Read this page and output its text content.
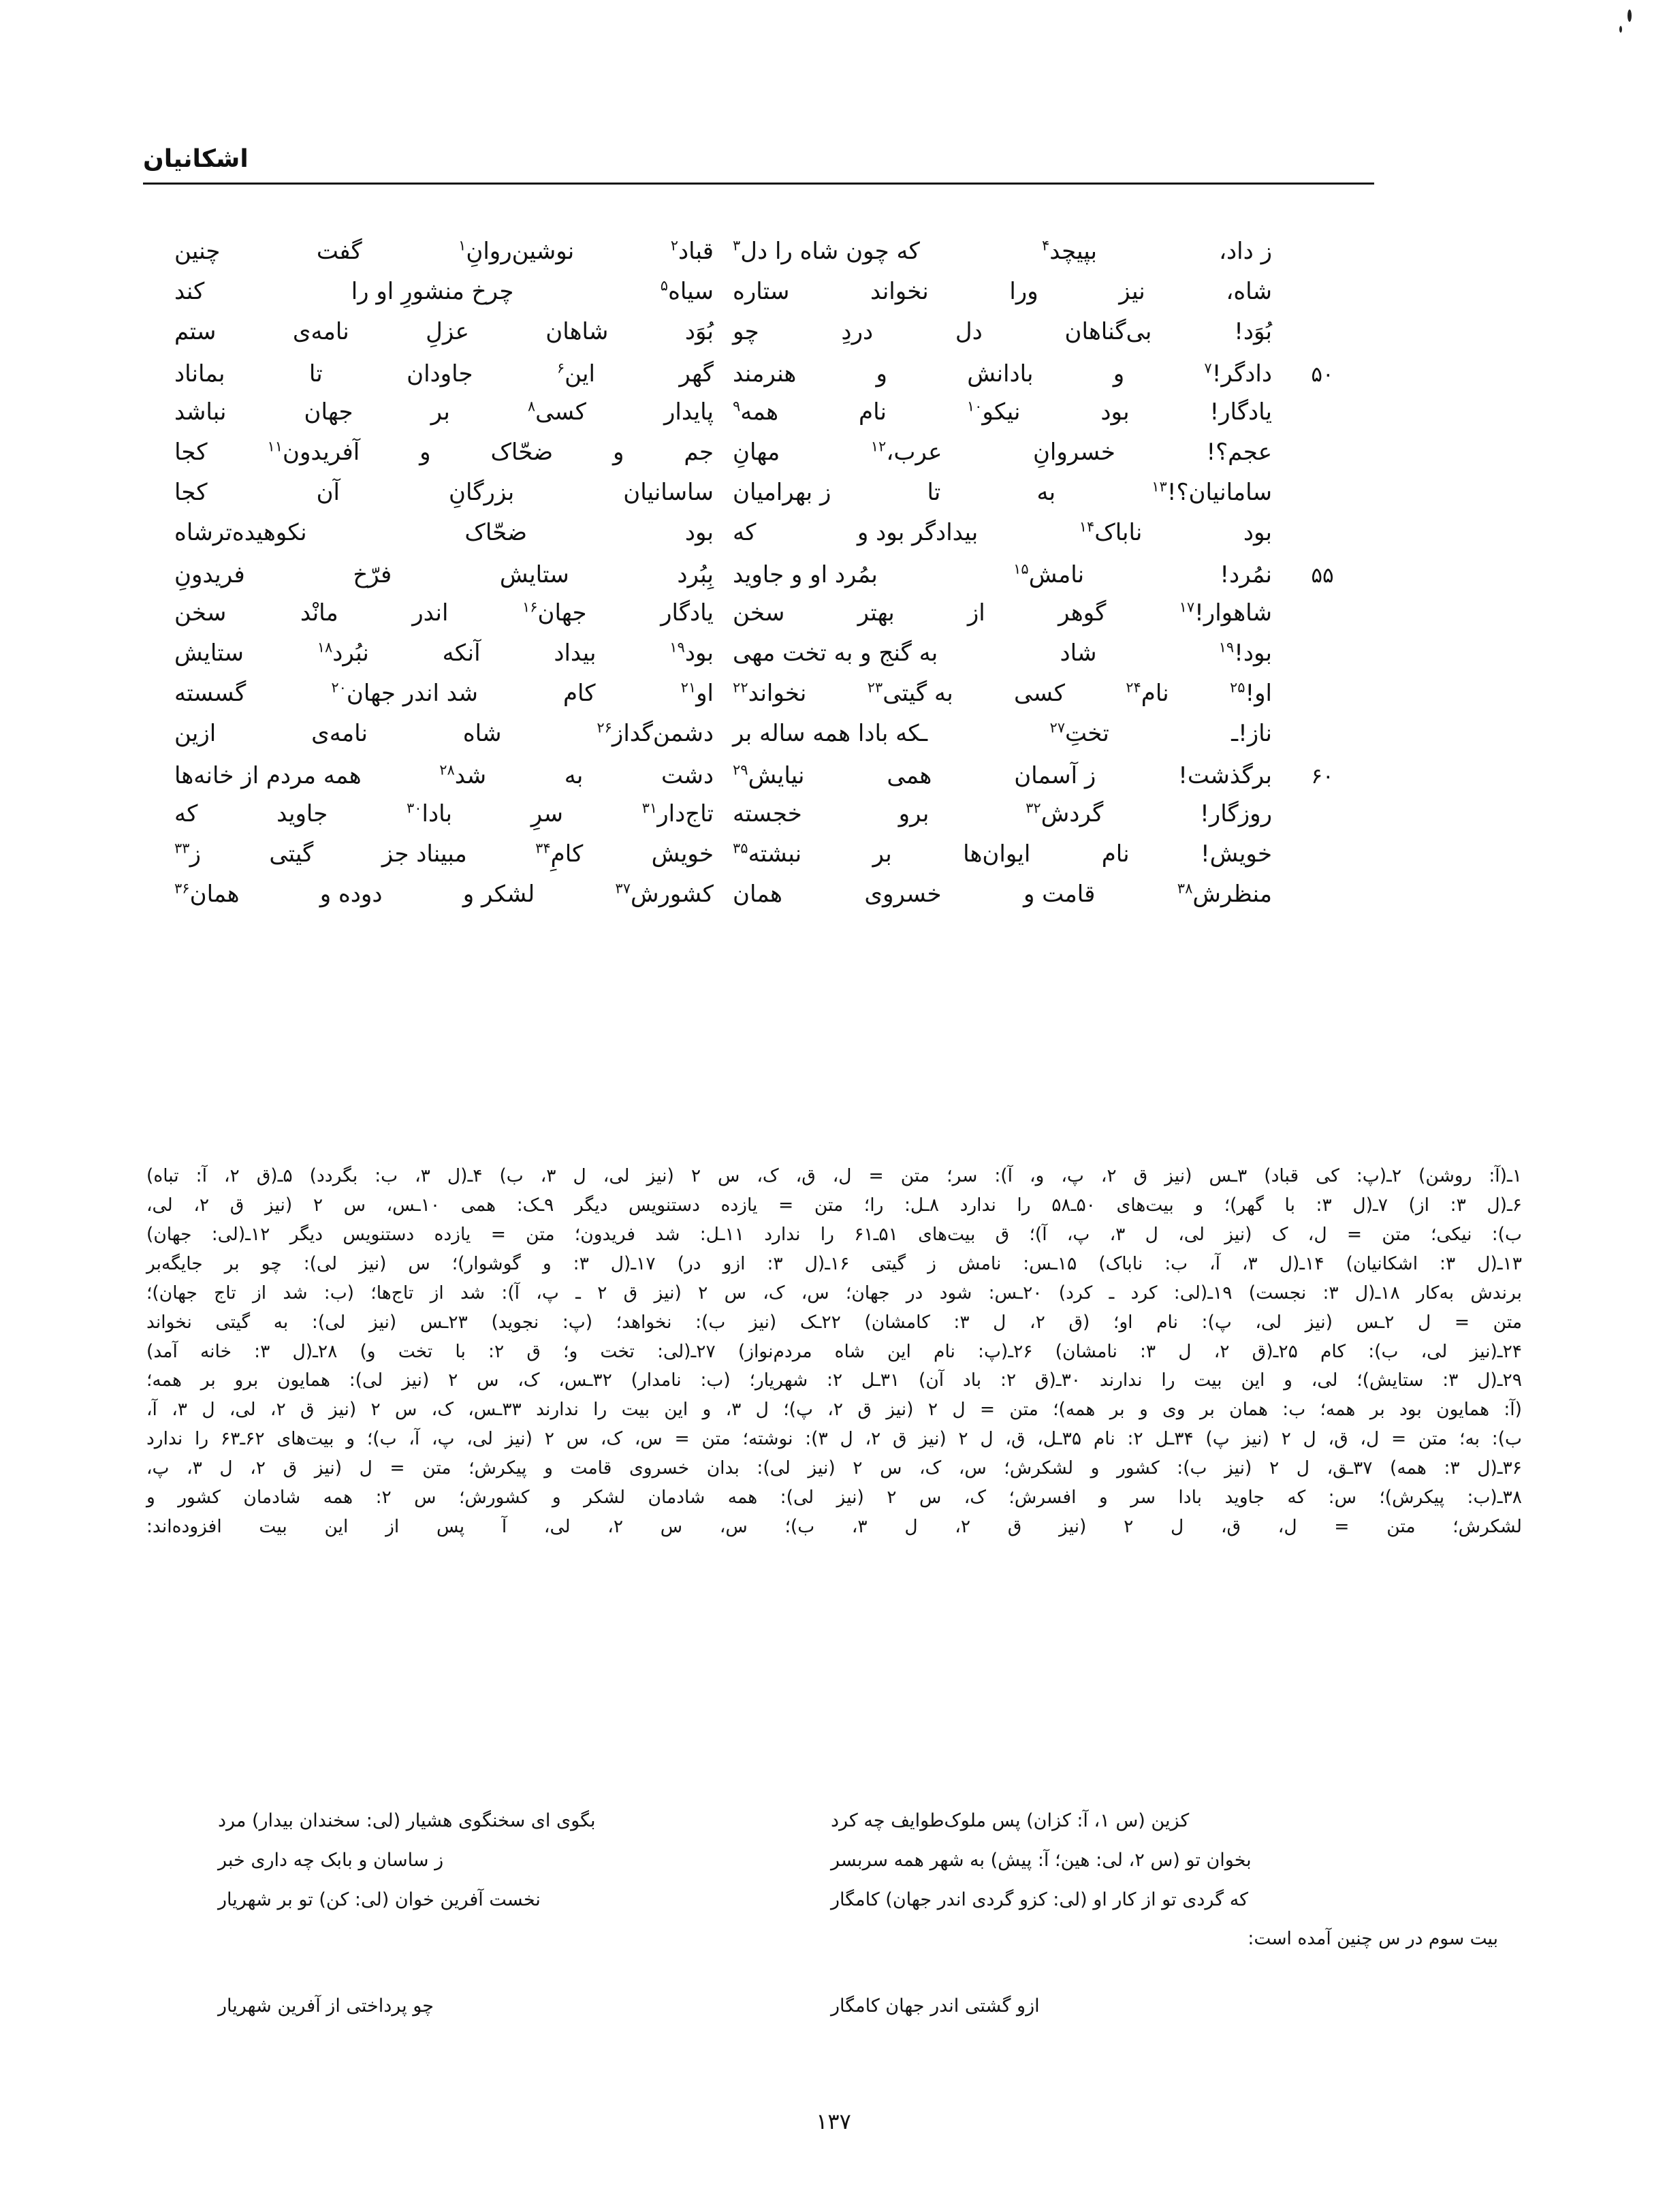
اشكانيان
چنین	گفت	نوشین‌روانِ$^۱$	قباد$^۲$	که چون شاه را دل$^۳$	بپیچد$^۴$	ز داد،
کند	چرخ منشورِ او را	سیاه$^۵$	ستاره	نخواند	ورا	نیز	شاه،
ستم	نامه‌ی	عزلِ	شاهان	بُوَد چو	دردِ	دل	بی‌گناهان	بُوَد!
بماناد	تا	جاودان	این$^۶$	گهر هنرمند	و	بادانش	و	دادگر!$^۷$	۵۰
نباشد	جهان	بر	کسی$^۸$	پایدار	همه$^۹$	نام	نیکو$^{۱۰}$	بود	یادگار!
کجا	آفریدون$^{۱۱}$	و	ضحّاک	و	جم مهانِ	عرب،$^{۱۲}$	خسروانِ	عجم؟!
کجا	آن	بزرگانِ	ساسانیان ز بهرامیان	تا	به	سامانیان؟!$^{۱۳}$
نکوهیده‌ترشاه	ضحّاک	بود که	بیدادگر بود و	ناباک$^{۱۴}$	بود
فریدونِ	فرّخ	ستایش	بِبُرد بمُرد او و جاوید	نامش$^{۱۵}$	نمُرد!	۵۵
سخن	مانْد	اندر	جهان$^{۱۶}$	یادگار سخن	بهتر	از	گوهر	شاهوار!$^{۱۷}$
ستایش	نبُرد$^{۱۸}$	آنکه	بیداد	بود$^{۱۹}$	به گنج و به تخت مهی	شاد	بود!$^{۱۹}$
گسسته	شد اندر جهان$^{۲۰}$	کام	او$^{۲۱}$	نخواند$^{۲۲}$	به گیتی$^{۲۳}$	کسی	نام$^{۲۴}$	او!$^{۲۵}$
ازین	نامه‌ی	شاه	دشمن‌گداز$^{۲۶}$	ـکه بادا همه ساله بر	تختِ$^{۲۷}$	ناز!ـ
همه مردم از خانه‌ها	شد$^{۲۸}$	به	دشت	نیایش$^{۲۹}$	همی	ز آسمان	برگذشت!	۶۰
که	جاوید	بادا$^{۳۰}$	سرِ	تاج‌دار$^{۳۱}$	خجسته	برو	گردش$^{۳۲}$	روزگار!
ز$^{۳۳}$	گیتی	مبیناد جز	کامِ$^{۳۴}$	خویش	نبشته$^{۳۵}$	بر	ایوان‌ها	نام	خویش!
همان$^{۳۶}$	دوده و	لشکر و	کشورش$^{۳۷}$	همان	خسروی	قامت و	منظرش$^{۳۸}$
۱ـ(آ: روشن) ۲ـ(پ: کی قباد) ۳ـس (نیز ق ۲، پ، و، آ): سر؛ متن = ل، ق، ک، س ۲ (نیز لی، ل ۳، ب) ۴ـ(ل ۳، ب: بگردد) ۵ـ(ق ۲، آ: تباه)
۶ـ(ل ۳: از) ۷ـ(ل ۳: با گهر)؛ و بیت‌های ۵۰ـ۵۸ را ندارد ۸ـل: را؛ متن = یازده دستنویس دیگر ۹ـک: همی ۱۰ـس، س ۲ (نیز ق ۲، لی،
ب): نیکی؛ متن = ل، ک (نیز لی، ل ۳، پ، آ)؛ ق بیت‌های ۵۱ـ۶۱ را ندارد ۱۱ـل: شد فریدون؛ متن = یازده دستنویس دیگر ۱۲ـ(لی: جهان)
۱۳ـ(ل ۳: اشکانیان) ۱۴ـ(ل ۳، آ، ب: ناباک) ۱۵ـس: نامش ز گیتی ۱۶ـ(ل ۳: ازو در) ۱۷ـ(ل ۳: و گوشوار)؛ س (نیز لی): چو بر جایگه‌بر
برندش به‌کار ۱۸ـ(ل ۳: نجست) ۱۹ـ(لی: کرد ـ کرد) ۲۰ـس: شود در جهان؛ س، ک، س ۲ (نیز ق ۲ ـ پ، آ): شد از تاج‌ها؛ (ب: شد از تاج جهان)؛
متن = ل ۲ـس (نیز لی، پ): نام او؛ (ق ۲، ل ۳: کامشان) ۲۲ـک (نیز ب): نخواهد؛ (پ: نجوید) ۲۳ـس (نیز لی): به گیتی نخواند
۲۴ـ(نیز لی، ب): کام ۲۵ـ(ق ۲، ل ۳: نامشان) ۲۶ـ(پ: نام این شاه مردم‌نواز) ۲۷ـ(لی: تخت و؛ ق ۲: با تخت و) ۲۸ـ(ل ۳: خانه آمد)
۲۹ـ(ل ۳: ستایش)؛ لی، و این بیت را ندارند ۳۰ـ(ق ۲: باد آن) ۳۱ـل ۲: شهریار؛ (ب: نامدار) ۳۲ـس، ک، س ۲ (نیز لی): همایون برو بر همه؛
(آ: همایون بود بر همه؛ ب: همان بر وی و بر همه)؛ متن = ل ۲ (نیز ق ۲، پ)؛ ل ۳، و این بیت را ندارند ۳۳ـس، ک، س ۲ (نیز ق ۲، لی، ل ۳، آ،
ب): به؛ متن = ل، ق، ل ۲ (نیز پ) ۳۴ـل ۲: نام ۳۵ـل، ق، ل ۲ (نیز ق ۲، ل ۳): نوشته؛ متن = س، ک، س ۲ (نیز لی، پ، آ، ب)؛ و بیت‌های ۶۲ـ۶۳ را ندارد
۳۶ـ(ل ۳: همه) ۳۷ـق، ل ۲ (نیز ب): کشور و لشکرش؛ س، ک، س ۲ (نیز لی): بدان خسروی قامت و پیکرش؛ متن = ل (نیز ق ۲، ل ۳، پ،
۳۸ـ(ب: پیکرش)؛ س: که جاوید بادا سر و افسرش؛ ک، س ۲ (نیز لی): همه شادمان لشکر و کشورش؛ س ۲: همه شادمان کشور و
لشکرش؛ متن = ل، ق، ل ۲ (نیز ق ۲، ل ۳، ب)؛ س، س ۲، لی، آ پس از این بیت افزوده‌اند:
بیت سوم در س چنین آمده است:
بگوی ای سخنگوی هشیار (لی: سخندان بیدار) مرد	کزین (س ۱، آ: کزان) پس ملوک‌طوایف چه کرد
ز ساسان و بابک چه داری خبر	بخوان تو (س ۲، لی: هین؛ آ: پیش) به شهر همه سربسر
نخست آفرین خوان (لی: کن) تو بر شهریار	که گردی تو از کار او (لی: کزو گردی اندر جهان) کامگار
چو پرداختی از آفرین شهریار	ازو گشتی اندر جهان کامگار
۱۳۷
